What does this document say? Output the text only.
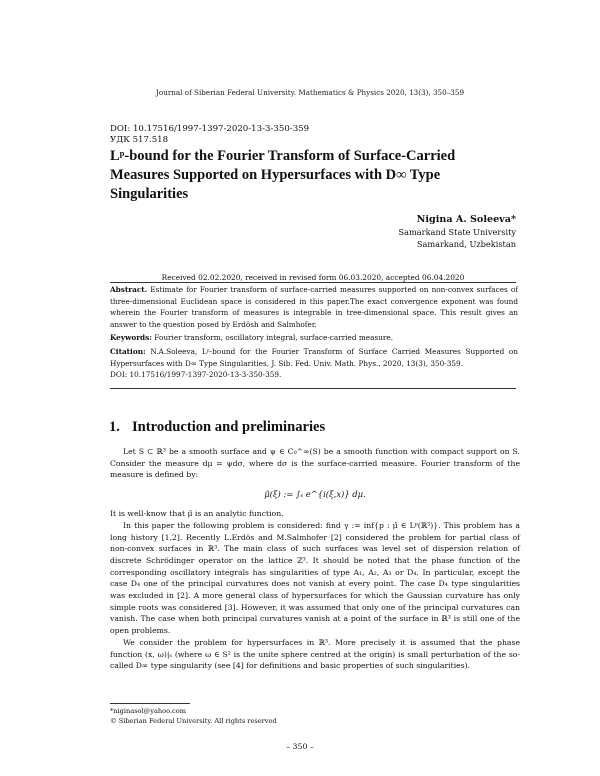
Journal of Siberian Federal University. Mathematics & Physics 2020, 13(3), 350–359
DOI: 10.17516/1997-1397-2020-13-3-350-359
УДК 517.518
Lᵖ-bound for the Fourier Transform of Surface-Carried Measures Supported on Hypersurfaces with D∞ Type Singularities
Nigina A. Soleeva*
Samarkand State University
Samarkand, Uzbekistan
Received 02.02.2020, received in revised form 06.03.2020, accepted 06.04.2020

Abstract. Estimate for Fourier transform of surface-carried measures supported on non-convex surfaces of three-dimensional Euclidean space is considered in this paper.The exact convergence exponent was found wherein the Fourier transform of measures is integrable in tree-dimensional space. This result gives an answer to the question posed by Erdösh and Salmhofer.

Keywords: Fourier transform, oscillatory integral, surface-carried measure.

Citation: N.A.Soleeva, Lᵖ-bound for the Fourier Transform of Surface Carried Measures Supported on Hypersurfaces with D∞ Type Singularities, J. Sib. Fed. Univ. Math. Phys., 2020, 13(3), 350-359.
DOI: 10.17516/1997-1397-2020-13-3-350-359.

1. Introduction and preliminaries

Let S ⊂ ℝ³ be a smooth surface and ψ ∈ C₀^∞(S) be a smooth function with compact support on S. Consider the measure dμ = ψdσ, where dσ is the surface-carried measure. Fourier transform of the measure is defined by:

μ̂(ξ) := ∫ₛ e^{i(ξ,x)} dμ.

It is well-know that μ̂ is an analytic function.

In this paper the following problem is considered: find γ := inf{p : μ̂ ∈ Lᵖ(ℝ³)}. This problem has a long history [1,2]. Recently L.Erdös and M.Salmhofer [2] considered the problem for partial class of non-convex surfaces in ℝ³. The main class of such surfaces was level set of dispersion relation of discrete Schrödinger operator on the lattice ℤ³. It should be noted that the phase function of the corresponding oscillatory integrals has singularities of type A₁, A₂, A₃ or D₄. In particular, except the case D₄ one of the principal curvatures does not vanish at every point. The case D₄ type singularities was excluded in [2]. A more general class of hypersurfaces for which the Gaussian curvature has only simple roots was considered [3]. However, it was assumed that only one of the principal curvatures can vanish. The case when both principal curvatures vanish at a point of the surface in ℝ³ is still one of the open problems.

We consider the problem for hypersurfaces in ℝ³. More precisely it is assumed that the phase function (x, ω)|ₛ (where ω ∈ S² is the unite sphere centred at the origin) is small perturbation of the so-called D∞ type singularity (see [4] for definitions and basic properties of such singularities).

*niginasol@yahoo.com
© Siberian Federal University. All rights reserved
– 350 –
